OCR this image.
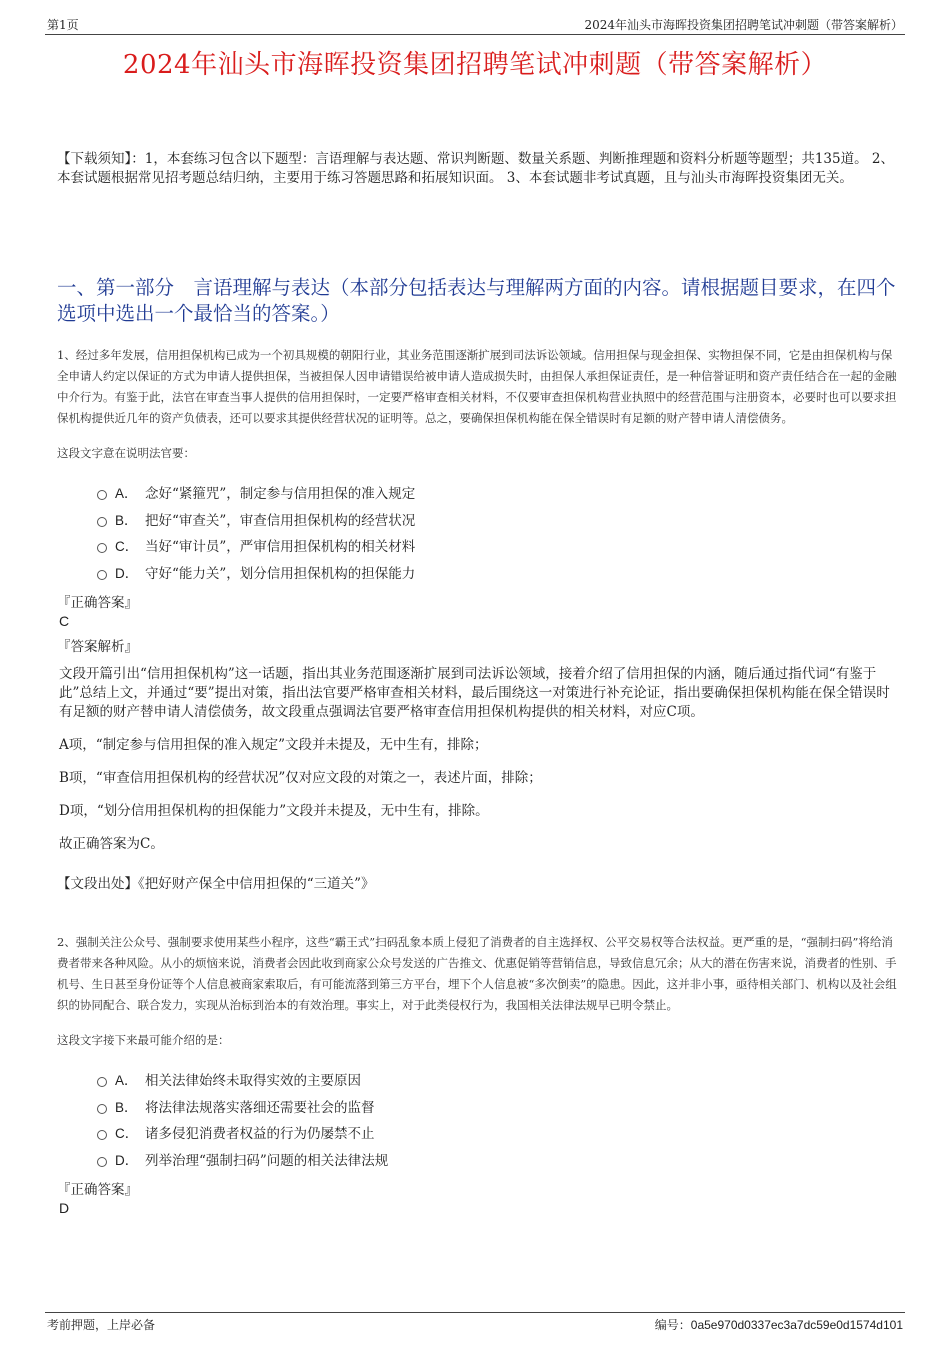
第1页	2024年汕头市海晖投资集团招聘笔试冲刺题（带答案解析）
2024年汕头市海晖投资集团招聘笔试冲刺题（带答案解析）
【下载须知】：1，本套练习包含以下题型：言语理解与表达题、常识判断题、数量关系题、判断推理题和资料分析题等题型；共135道。 2、本套试题根据常见招考题总结归纳，主要用于练习答题思路和拓展知识面。 3、本套试题非考试真题，且与汕头市海晖投资集团无关。
一、第一部分　言语理解与表达（本部分包括表达与理解两方面的内容。请根据题目要求，在四个选项中选出一个最恰当的答案。）
1、经过多年发展，信用担保机构已成为一个初具规模的朝阳行业，其业务范围逐渐扩展到司法诉讼领域。信用担保与现金担保、实物担保不同，它是由担保机构与保全申请人约定以保证的方式为申请人提供担保，当被担保人因申请错误给被申请人造成损失时，由担保人承担保证责任，是一种信誉证明和资产责任结合在一起的金融中介行为。有鉴于此，法官在审查当事人提供的信用担保时，一定要严格审查相关材料，不仅要审查担保机构营业执照中的经营范围与注册资本，必要时也可以要求担保机构提供近几年的资产负债表，还可以要求其提供经营状况的证明等。总之，要确保担保机构能在保全错误时有足额的财产替申请人清偿债务。
这段文字意在说明法官要：
A． 念好“紧箍咒”，制定参与信用担保的准入规定
B． 把好“审查关”，审查信用担保机构的经营状况
C． 当好“审计员”，严审信用担保机构的相关材料
D． 守好“能力关”，划分信用担保机构的担保能力
『正确答案』
C
『答案解析』
文段开篇引出“信用担保机构”这一话题，指出其业务范围逐渐扩展到司法诉讼领域，接着介绍了信用担保的内涵，随后通过指代词“有鉴于此”总结上文，并通过“要”提出对策，指出法官要严格审查相关材料，最后围绕这一对策进行补充论证，指出要确保担保机构能在保全错误时有足额的财产替申请人清偿债务，故文段重点强调法官要严格审查信用担保机构提供的相关材料，对应C项。
A项，“制定参与信用担保的准入规定”文段并未提及，无中生有，排除；
B项，“审查信用担保机构的经营状况”仅对应文段的对策之一，表述片面，排除；
D项，“划分信用担保机构的担保能力”文段并未提及，无中生有，排除。
故正确答案为C。
【文段出处】《把好财产保全中信用担保的“三道关”》
2、强制关注公众号、强制要求使用某些小程序，这些“霸王式”扫码乱象本质上侵犯了消费者的自主选择权、公平交易权等合法权益。更严重的是，“强制扫码”将给消费者带来各种风险。从小的烦恼来说，消费者会因此收到商家公众号发送的广告推文、优惠促销等营销信息，导致信息冗余；从大的潜在伤害来说，消费者的性别、手机号、生日甚至身份证等个人信息被商家索取后，有可能流落到第三方平台，埋下个人信息被“多次倒卖”的隐患。因此，这并非小事，亟待相关部门、机构以及社会组织的协同配合、联合发力，实现从治标到治本的有效治理。事实上，对于此类侵权行为，我国相关法律法规早已明令禁止。
这段文字接下来最可能介绍的是：
A． 相关法律始终未取得实效的主要原因
B． 将法律法规落实落细还需要社会的监督
C． 诸多侵犯消费者权益的行为仍屡禁不止
D． 列举治理“强制扫码”问题的相关法律法规
『正确答案』
D
考前押题，上岸必备	编号：0a5e970d0337ec3a7dc59e0d1574d101
